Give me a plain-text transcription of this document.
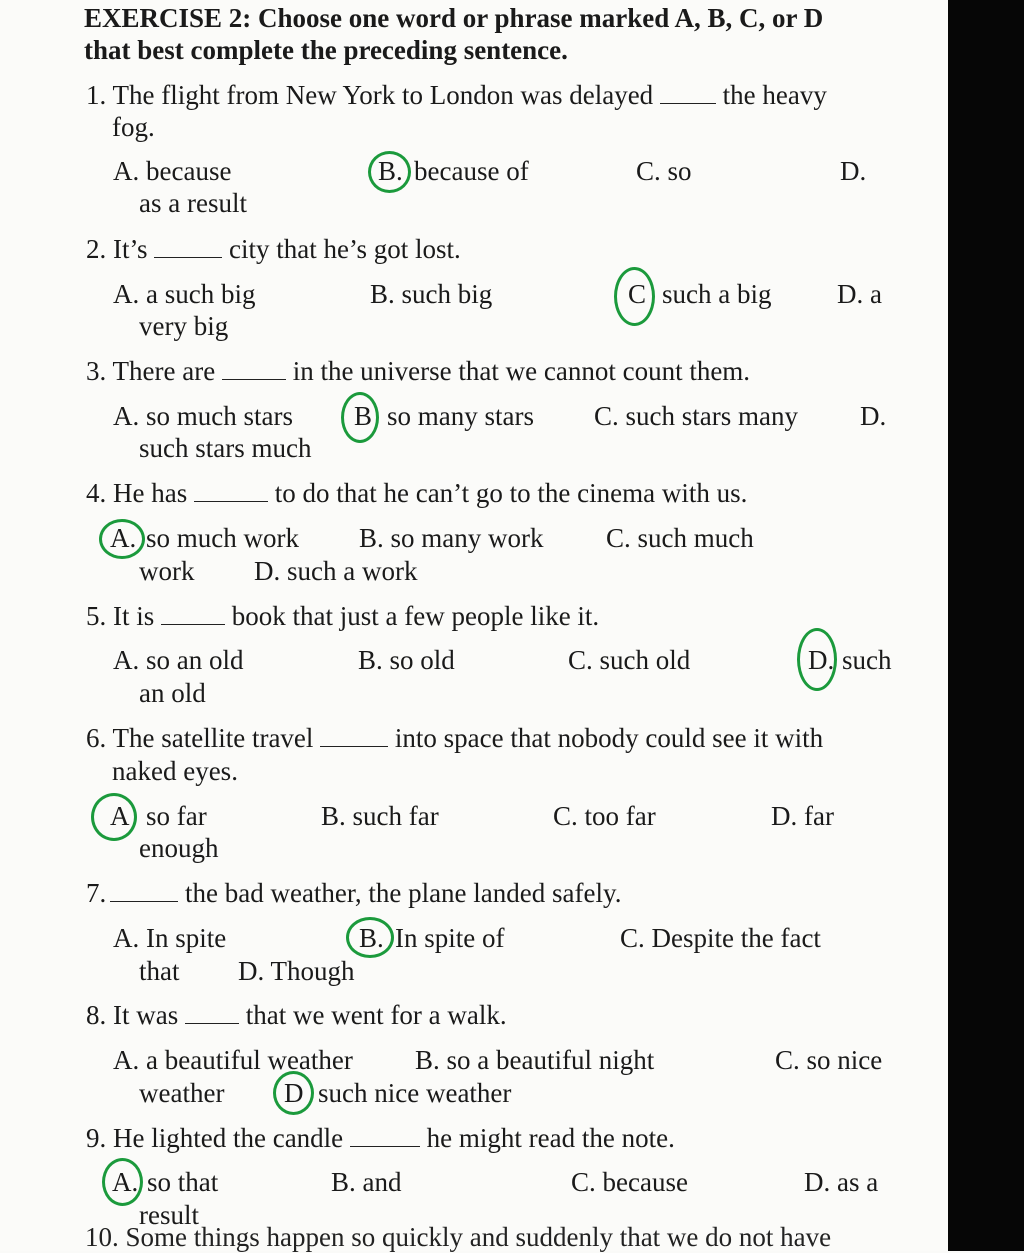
EXERCISE 2: Choose one word or phrase marked A, B, C, or D
that best complete the preceding sentence.
1. The flight from New York to London was delayed	the heavy
fog.
A. because	B. because of	C. so	D.
as a result
2. It’s	city that he’s got lost.
A. a such big	B. such big	C such a big D. a
very big
3. There are	in the universe that we cannot count them.
A. so much stars B so many stars C. such stars many D.
such stars much
4. He has	to do that he can’t go to the cinema with us.
A. so much work B. so many work C. such much
work D. such a work
5. It is	book that just a few people like it.
A. so an old	B. so old	C. such old	D. such
an old
6. The satellite travel	into space that nobody could see it with
naked eyes.
A so far	B. such far	C. too far	D. far
enough
7.	the bad weather, the plane landed safely.
A. In spite	B. In spite of	C. Despite the fact
that D. Though
8. It was	that we went for a walk.
A. a beautiful weather B. so a beautiful night	C. so nice
weather D such nice weather
9. He lighted the candle	he might read the note.
A. so that	B. and	C. because	D. as a
result
10. Some things happen so quickly and suddenly that we do not have
